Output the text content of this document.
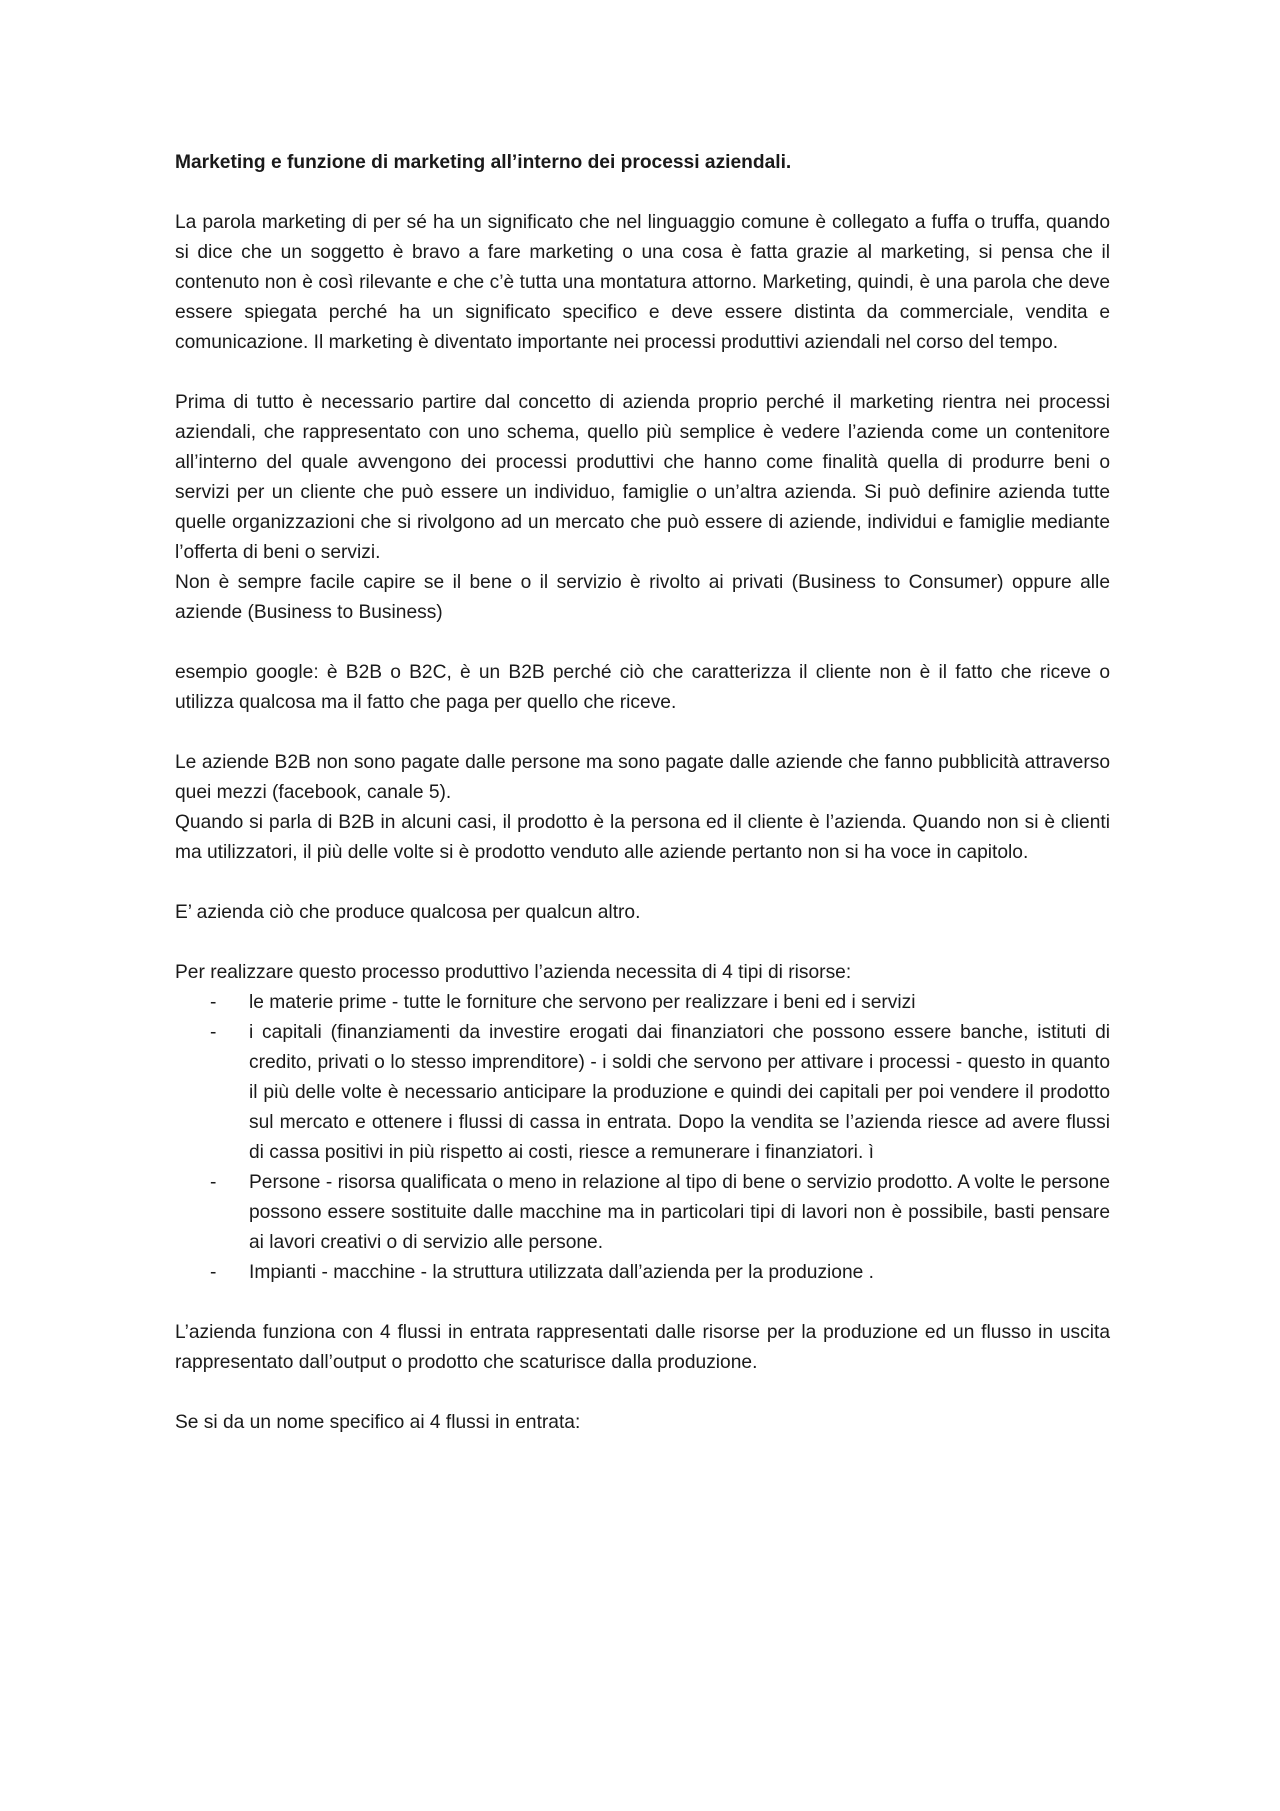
Marketing e funzione di marketing all’interno dei processi aziendali.

La parola marketing di per sé ha un significato che nel linguaggio comune è collegato a fuffa o truffa, quando si dice che un soggetto è bravo a fare marketing o una cosa è fatta grazie al marketing, si pensa che il contenuto non è così rilevante e che c’è tutta una montatura attorno. Marketing, quindi, è una parola che deve essere spiegata perché ha un significato specifico e deve essere distinta da commerciale, vendita e comunicazione. Il marketing è diventato importante nei processi produttivi aziendali nel corso del tempo.

Prima di tutto è necessario partire dal concetto di azienda proprio perché il marketing rientra nei processi aziendali, che rappresentato con uno schema, quello più semplice è vedere l’azienda come un contenitore all’interno del quale avvengono dei processi produttivi che hanno come finalità quella di produrre beni o servizi per un cliente che può essere un individuo, famiglie o un’altra azienda. Si può definire azienda tutte quelle organizzazioni che si rivolgono ad un mercato che può essere di aziende, individui e famiglie mediante l’offerta di beni o servizi.

Non è sempre facile capire se il bene o il servizio è rivolto ai privati (Business to Consumer) oppure alle aziende (Business to Business)

esempio google: è B2B o B2C, è un B2B perché ciò che caratterizza il cliente non è il fatto che riceve o utilizza qualcosa ma il fatto che paga per quello che riceve.

Le aziende B2B non sono pagate dalle persone ma sono pagate dalle aziende che fanno pubblicità attraverso quei mezzi (facebook, canale 5).

Quando si parla di B2B in alcuni casi, il prodotto è la persona ed il cliente è l’azienda. Quando non si è clienti ma utilizzatori, il più delle volte si è prodotto venduto alle aziende pertanto non si ha voce in capitolo.

E’ azienda ciò che produce qualcosa per qualcun altro.

Per realizzare questo processo produttivo l’azienda necessita di 4 tipi di risorse:

- le materie prime - tutte le forniture che servono per realizzare i beni ed i servizi
- i capitali (finanziamenti da investire erogati dai finanziatori che possono essere banche, istituti di credito, privati o lo stesso imprenditore) - i soldi che servono per attivare i processi - questo in quanto il più delle volte è necessario anticipare la produzione e quindi dei capitali per poi vendere il prodotto sul mercato e ottenere i flussi di cassa in entrata. Dopo la vendita se l’azienda riesce ad avere flussi di cassa positivi in più rispetto ai costi, riesce a remunerare i finanziatori. ì
- Persone - risorsa qualificata o meno in relazione al tipo di bene o servizio prodotto. A volte le persone possono essere sostituite dalle macchine ma in particolari tipi di lavori non è possibile, basti pensare ai lavori creativi o di servizio alle persone.
- Impianti - macchine - la struttura utilizzata dall’azienda per la produzione .

L’azienda funziona con 4 flussi in entrata rappresentati dalle risorse per la produzione ed un flusso in uscita rappresentato dall’output o prodotto che scaturisce dalla produzione.

Se si da un nome specifico ai 4 flussi in entrata:
